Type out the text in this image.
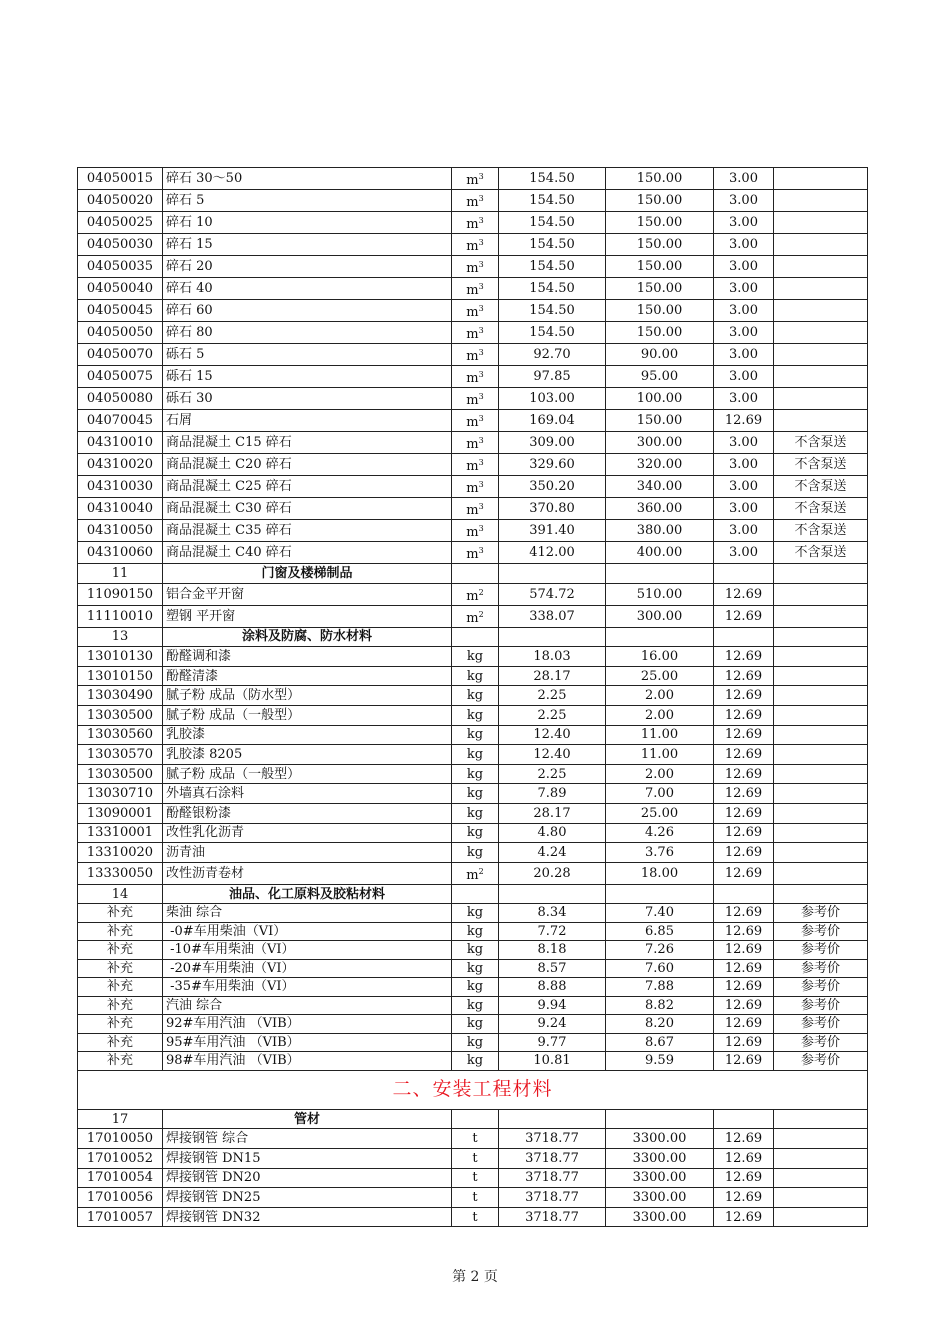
04050015	碎石 30～50	$m^3$	154.50	150.00	3.00	
04050020	碎石 5	$m^3$	154.50	150.00	3.00	
04050025	碎石 10	$m^3$	154.50	150.00	3.00	
04050030	碎石 15	$m^3$	154.50	150.00	3.00	
04050035	碎石 20	$m^3$	154.50	150.00	3.00	
04050040	碎石 40	$m^3$	154.50	150.00	3.00	
04050045	碎石 60	$m^3$	154.50	150.00	3.00	
04050050	碎石 80	$m^3$	154.50	150.00	3.00	
04050070	砾石 5	$m^3$	92.70	90.00	3.00	
04050075	砾石 15	$m^3$	97.85	95.00	3.00	
04050080	砾石 30	$m^3$	103.00	100.00	3.00	
04070045	石屑	$m^3$	169.04	150.00	12.69	
04310010	商品混凝土 C15 碎石	$m^3$	309.00	300.00	3.00	不含泵送
04310020	商品混凝土 C20 碎石	$m^3$	329.60	320.00	3.00	不含泵送
04310030	商品混凝土 C25 碎石	$m^3$	350.20	340.00	3.00	不含泵送
04310040	商品混凝土 C30 碎石	$m^3$	370.80	360.00	3.00	不含泵送
04310050	商品混凝土 C35 碎石	$m^3$	391.40	380.00	3.00	不含泵送
04310060	商品混凝土 C40 碎石	$m^3$	412.00	400.00	3.00	不含泵送
11	门窗及楼梯制品					
11090150	铝合金平开窗	$m^2$	574.72	510.00	12.69	
11110010	塑钢 平开窗	$m^2$	338.07	300.00	12.69	
13	涂料及防腐、防水材料					
13010130	酚醛调和漆	kg	18.03	16.00	12.69	
13010150	酚醛清漆	kg	28.17	25.00	12.69	
13030490	腻子粉 成品（防水型）	kg	2.25	2.00	12.69	
13030500	腻子粉 成品（一般型）	kg	2.25	2.00	12.69	
13030560	乳胶漆	kg	12.40	11.00	12.69	
13030570	乳胶漆 8205	kg	12.40	11.00	12.69	
13030500	腻子粉 成品（一般型）	kg	2.25	2.00	12.69	
13030710	外墙真石涂料	kg	7.89	7.00	12.69	
13090001	酚醛银粉漆	kg	28.17	25.00	12.69	
13310001	改性乳化沥青	kg	4.80	4.26	12.69	
13310020	沥青油	kg	4.24	3.76	12.69	
13330050	改性沥青卷材	$m^2$	20.28	18.00	12.69	
14	油品、化工原料及胶粘材料					
补充	柴油 综合	kg	8.34	7.40	12.69	参考价
补充	-0#车用柴油（VI）	kg	7.72	6.85	12.69	参考价
补充	-10#车用柴油（VI）	kg	8.18	7.26	12.69	参考价
补充	-20#车用柴油（VI）	kg	8.57	7.60	12.69	参考价
补充	-35#车用柴油（VI）	kg	8.88	7.88	12.69	参考价
补充	汽油 综合	kg	9.94	8.82	12.69	参考价
补充	92#车用汽油 （VIB）	kg	9.24	8.20	12.69	参考价
补充	95#车用汽油 （VIB）	kg	9.77	8.67	12.69	参考价
补充	98#车用汽油 （VIB）	kg	10.81	9.59	12.69	参考价
二、安装工程材料						
17	管材					
17010050	焊接钢管 综合	t	3718.77	3300.00	12.69	
17010052	焊接钢管 DN15	t	3718.77	3300.00	12.69	
17010054	焊接钢管 DN20	t	3718.77	3300.00	12.69	
17010056	焊接钢管 DN25	t	3718.77	3300.00	12.69	
17010057	焊接钢管 DN32	t	3718.77	3300.00	12.69	
第 2 页
